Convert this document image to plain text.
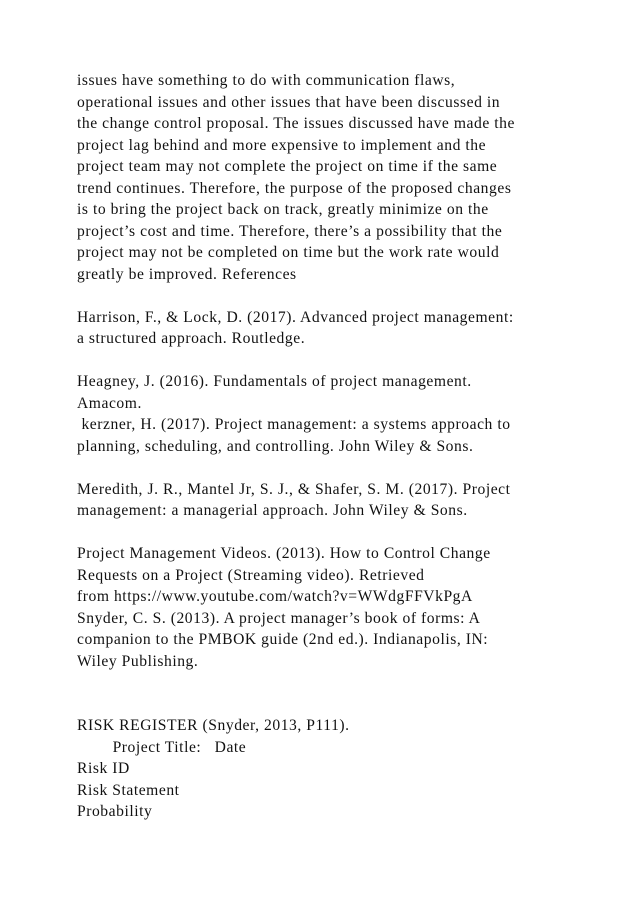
issues have something to do with communication flaws,
operational issues and other issues that have been discussed in
the change control proposal. The issues discussed have made the
project lag behind and more expensive to implement and the
project team may not complete the project on time if the same
trend continues. Therefore, the purpose of the proposed changes
is to bring the project back on track, greatly minimize on the
project’s cost and time. Therefore, there’s a possibility that the
project may not be completed on time but the work rate would
greatly be improved. References
Harrison, F., & Lock, D. (2017). Advanced project management:
a structured approach. Routledge.
Heagney, J. (2016). Fundamentals of project management.
Amacom.
kerzner, H. (2017). Project management: a systems approach to
planning, scheduling, and controlling. John Wiley & Sons.
Meredith, J. R., Mantel Jr, S. J., & Shafer, S. M. (2017). Project
management: a managerial approach. John Wiley & Sons.
Project Management Videos. (2013). How to Control Change
Requests on a Project (Streaming video). Retrieved
from https://www.youtube.com/watch?v=WWdgFFVkPgA
Snyder, C. S. (2013). A project manager’s book of forms: A
companion to the PMBOK guide (2nd ed.). Indianapolis, IN:
Wiley Publishing.
RISK REGISTER (Snyder, 2013, P111).
Project Title:   Date
Risk ID
Risk Statement
Probability
